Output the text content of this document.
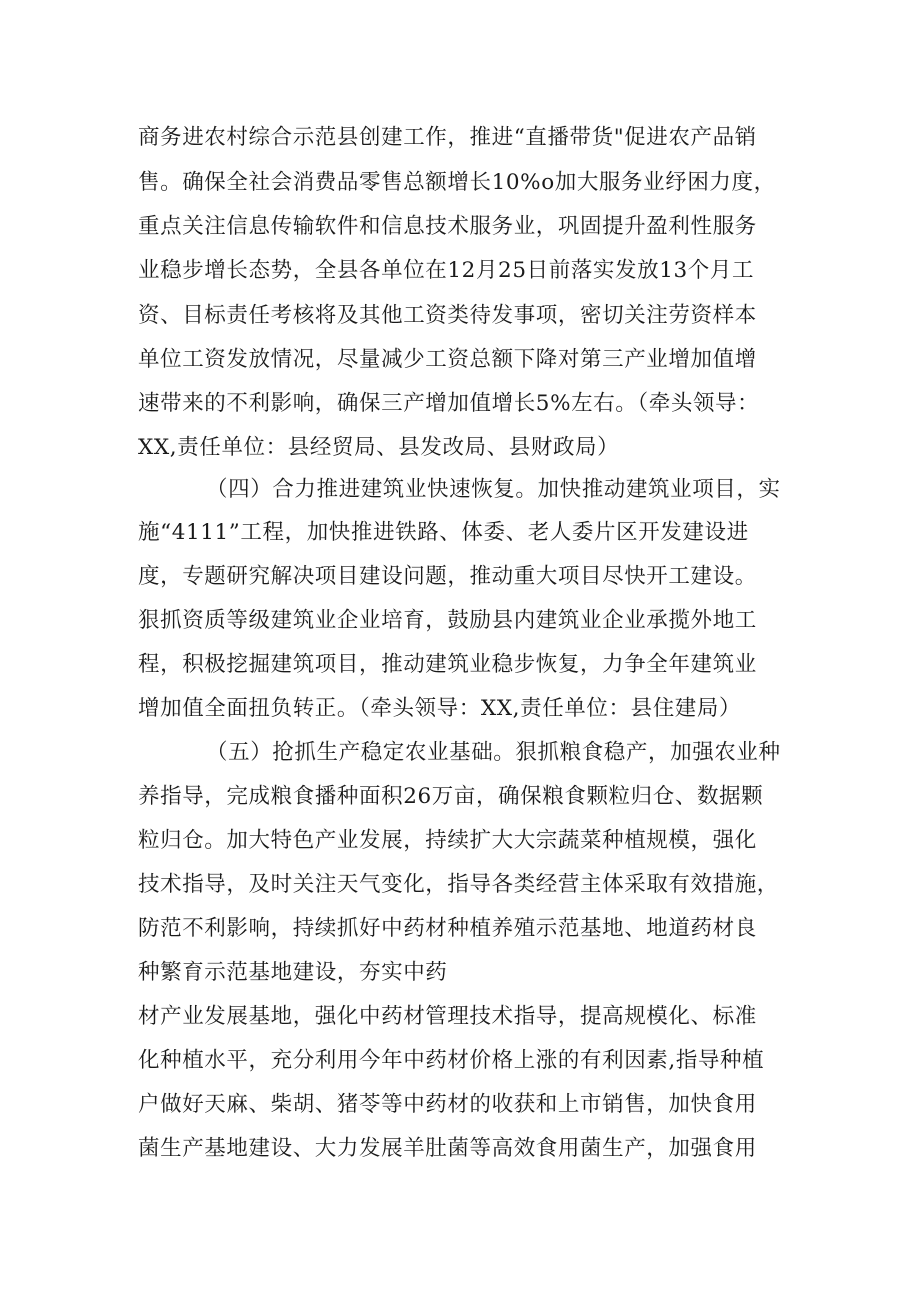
商务进农村综合示范县创建工作，推进“直播带货"促进农产品销
售。确保全社会消费品零售总额增长10%o加大服务业纾困力度，
重点关注信息传输软件和信息技术服务业，巩固提升盈利性服务
业稳步增长态势，全县各单位在12月25日前落实发放13个月工
资、目标责任考核将及其他工资类待发事项，密切关注劳资样本
单位工资发放情况，尽量减少工资总额下降对第三产业增加值增
速带来的不利影响，确保三产增加值增长5%左右。（牵头领导：
XX,责任单位：县经贸局、县发改局、县财政局）
（四）合力推进建筑业快速恢复。加快推动建筑业项目，实
施“4111”工程，加快推进铁路、体委、老人委片区开发建设进
度，专题研究解决项目建设问题，推动重大项目尽快开工建设。
狠抓资质等级建筑业企业培育，鼓励县内建筑业企业承揽外地工
程，积极挖掘建筑项目，推动建筑业稳步恢复，力争全年建筑业
增加值全面扭负转正。（牵头领导：XX,责任单位：县住建局）
（五）抢抓生产稳定农业基础。狠抓粮食稳产，加强农业种
养指导，完成粮食播种面积26万亩，确保粮食颗粒归仓、数据颗
粒归仓。加大特色产业发展，持续扩大大宗蔬菜种植规模，强化
技术指导，及时关注天气变化，指导各类经营主体采取有效措施，
防范不利影响，持续抓好中药材种植养殖示范基地、地道药材良
种繁育示范基地建设，夯实中药
材产业发展基地，强化中药材管理技术指导，提高规模化、标准
化种植水平，充分利用今年中药材价格上涨的有利因素,指导种植
户做好天麻、柴胡、猪苓等中药材的收获和上市销售，加快食用
菌生产基地建设、大力发展羊肚菌等高效食用菌生产，加强食用
